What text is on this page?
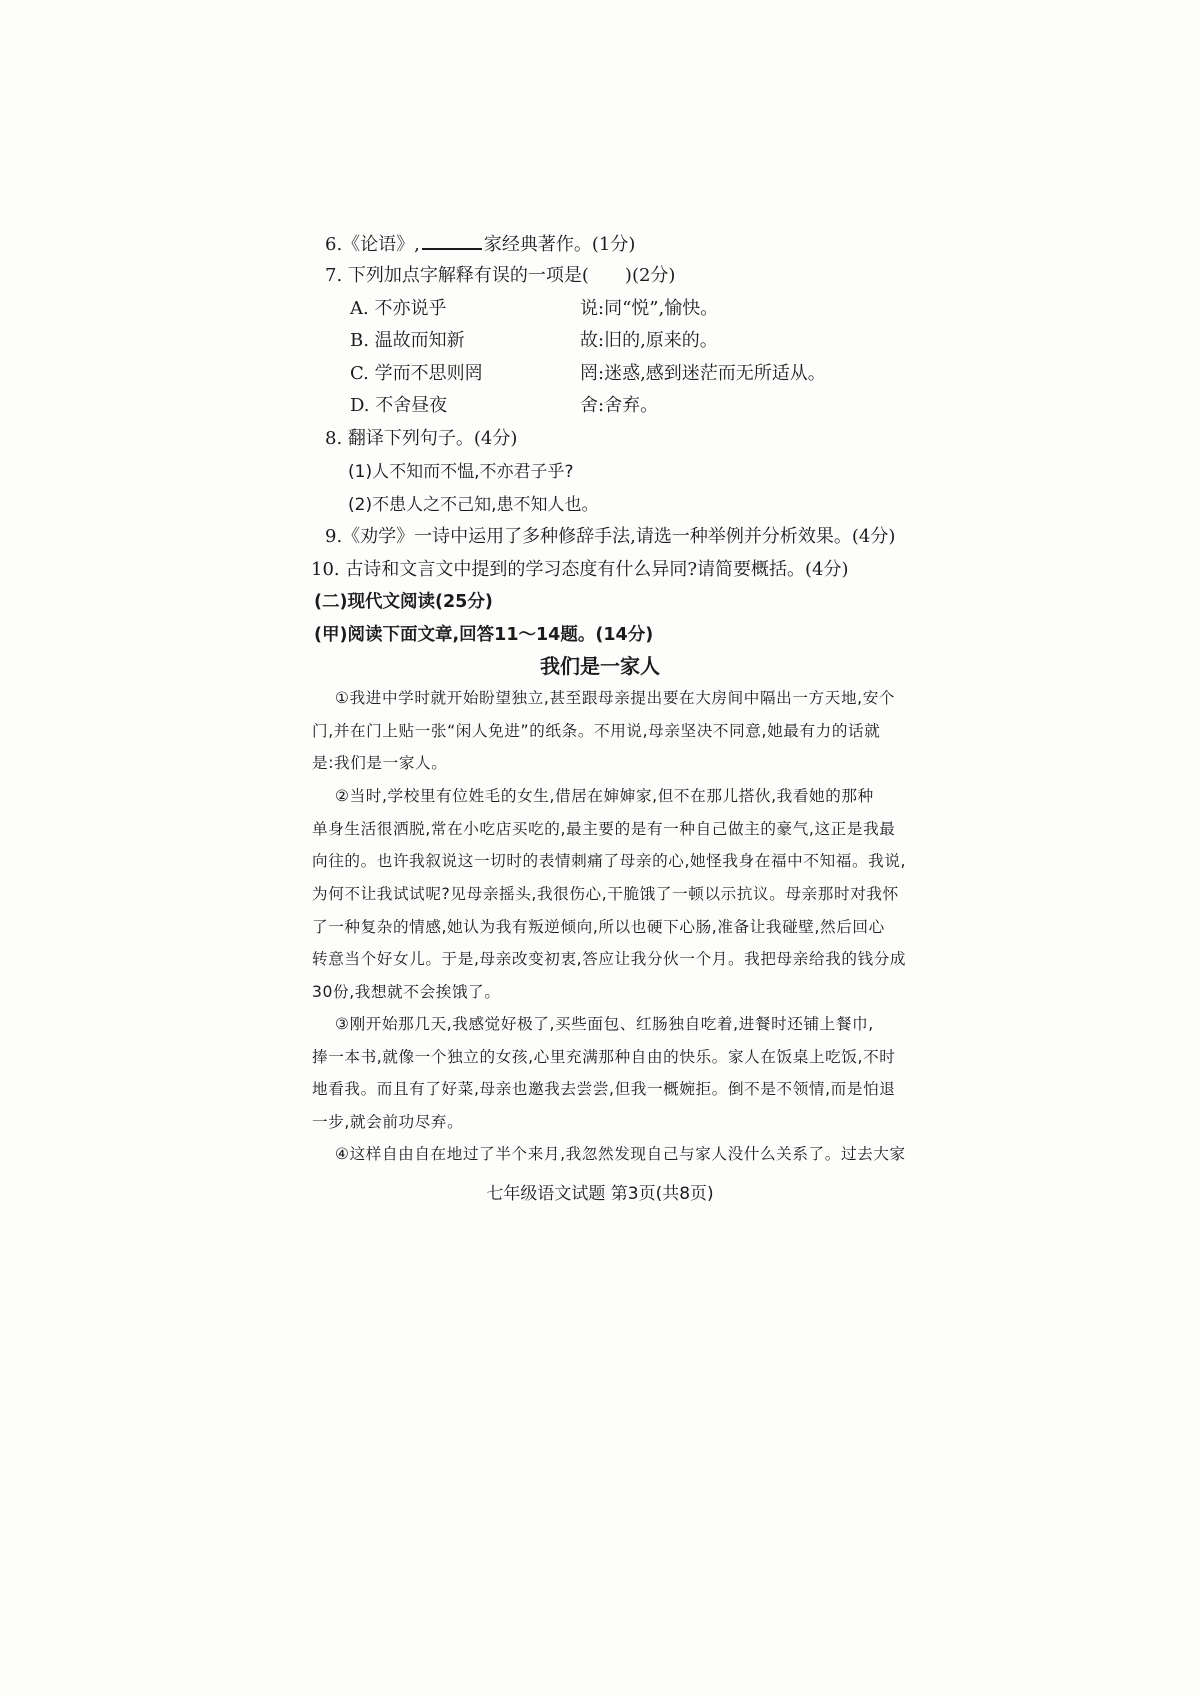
6.《论语》,	家经典著作。(1分)
7. 下列加点字解释有误的一项是(　　)(2分)
A. 不亦说乎	说:同“悦”,愉快。
B. 温故而知新	故:旧的,原来的。
C. 学而不思则罔	罔:迷惑,感到迷茫而无所适从。
D. 不舍昼夜	舍:舍弃。
8. 翻译下列句子。(4分)
(1)人不知而不愠,不亦君子乎?
(2)不患人之不己知,患不知人也。
9.《劝学》一诗中运用了多种修辞手法,请选一种举例并分析效果。(4分)
10. 古诗和文言文中提到的学习态度有什么异同?请简要概括。(4分)
(二)现代文阅读(25分)
(甲)阅读下面文章,回答11～14题。(14分)
我们是一家人
①我进中学时就开始盼望独立,甚至跟母亲提出要在大房间中隔出一方天地,安个
门,并在门上贴一张“闲人免进”的纸条。不用说,母亲坚决不同意,她最有力的话就
是:我们是一家人。
②当时,学校里有位姓毛的女生,借居在婶婶家,但不在那儿搭伙,我看她的那种
单身生活很洒脱,常在小吃店买吃的,最主要的是有一种自己做主的豪气,这正是我最
向往的。也许我叙说这一切时的表情刺痛了母亲的心,她怪我身在福中不知福。我说,
为何不让我试试呢?见母亲摇头,我很伤心,干脆饿了一顿以示抗议。母亲那时对我怀
了一种复杂的情感,她认为我有叛逆倾向,所以也硬下心肠,准备让我碰壁,然后回心
转意当个好女儿。于是,母亲改变初衷,答应让我分伙一个月。我把母亲给我的钱分成
30份,我想就不会挨饿了。
③刚开始那几天,我感觉好极了,买些面包、红肠独自吃着,进餐时还铺上餐巾,
捧一本书,就像一个独立的女孩,心里充满那种自由的快乐。家人在饭桌上吃饭,不时
地看我。而且有了好菜,母亲也邀我去尝尝,但我一概婉拒。倒不是不领情,而是怕退
一步,就会前功尽弃。
④这样自由自在地过了半个来月,我忽然发现自己与家人没什么关系了。过去大家
七年级语文试题 第3页(共8页)
